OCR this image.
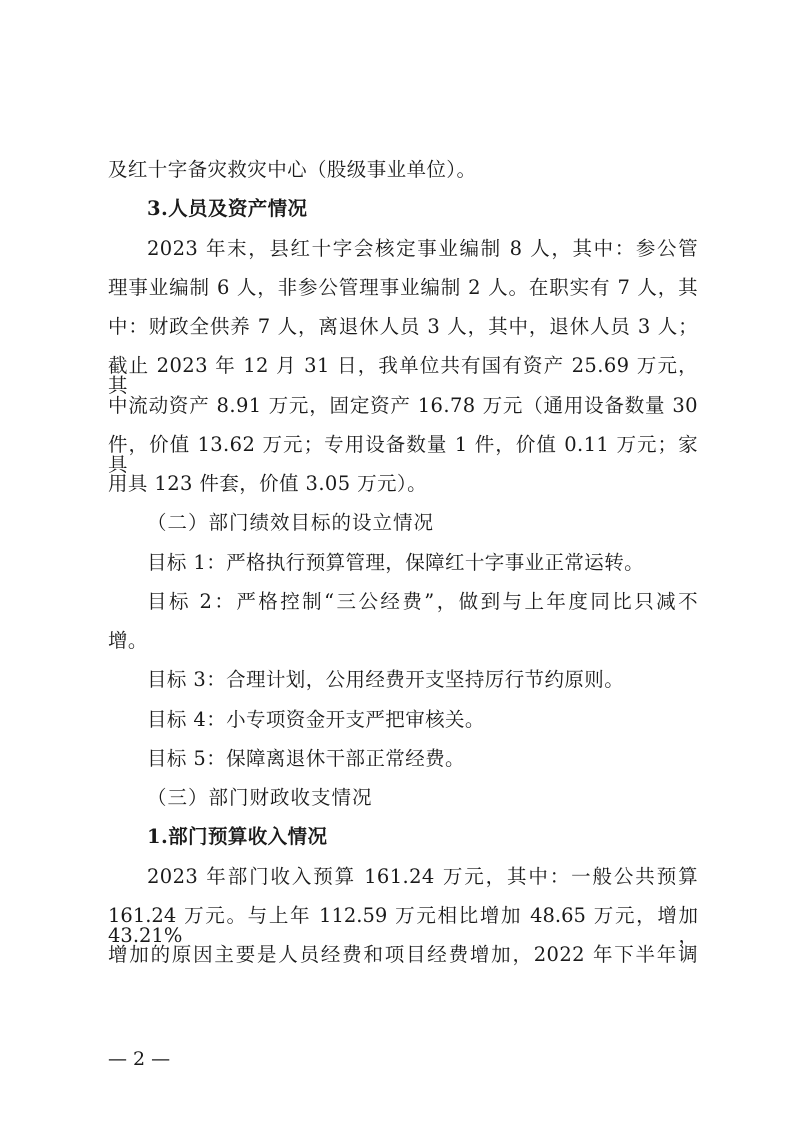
及红十字备灾救灾中心（股级事业单位）。
3.人员及资产情况
2023 年末，县红十字会核定事业编制 8 人，其中：参公管
理事业编制 6 人，非参公管理事业编制 2 人。在职实有 7 人，其
中：财政全供养 7 人，离退休人员 3 人，其中，退休人员 3 人；
截止 2023 年 12 月 31 日，我单位共有国有资产 25.69 万元，其
中流动资产 8.91 万元，固定资产 16.78 万元（通用设备数量 30
件，价值 13.62 万元；专用设备数量 1 件，价值 0.11 万元；家具
用具 123 件套，价值 3.05 万元）。
（二）部门绩效目标的设立情况
目标 1：严格执行预算管理，保障红十字事业正常运转。
目标 2：严格控制“三公经费”，做到与上年度同比只减不
增。
目标 3：合理计划，公用经费开支坚持厉行节约原则。
目标 4：小专项资金开支严把审核关。
目标 5：保障离退休干部正常经费。
（三）部门财政收支情况
1.部门预算收入情况
2023 年部门收入预算 161.24 万元，其中：一般公共预算
161.24 万元。与上年 112.59 万元相比增加 48.65 万元，增加 43.21%，
增加的原因主要是人员经费和项目经费增加，2022 年下半年调
— 2 —
